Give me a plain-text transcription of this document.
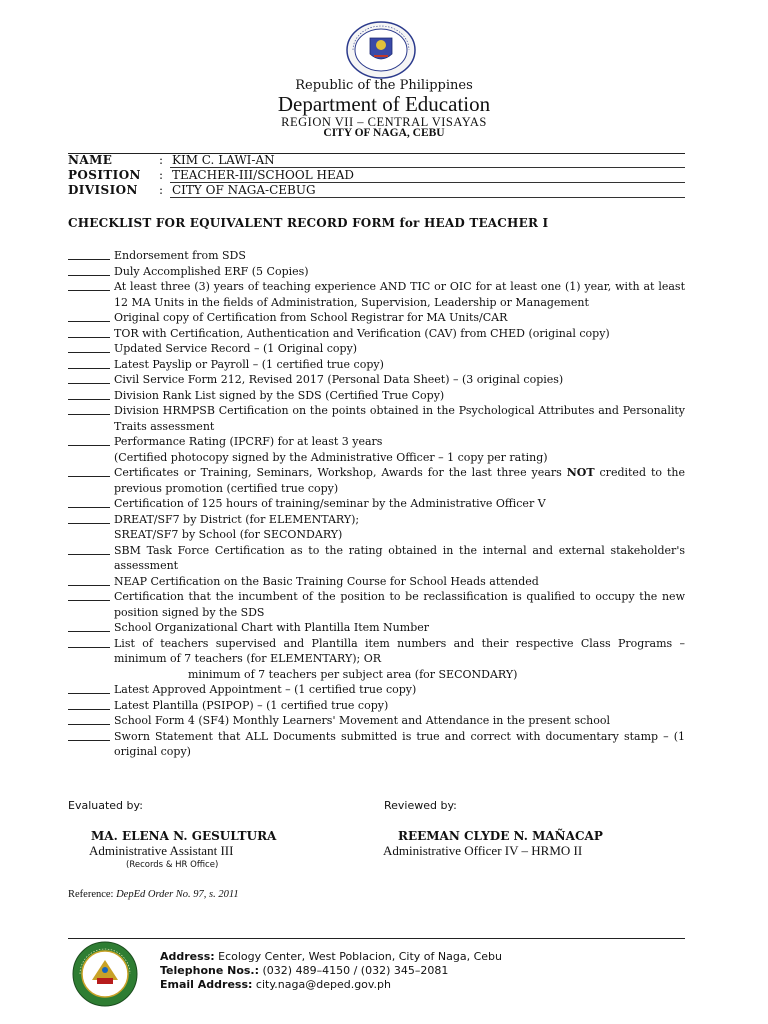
Republic of the Philippines
Department of Education
REGION VII – CENTRAL VISAYAS
CITY OF NAGA, CEBU
NAME	: KIM C. LAWI-AN
POSITION : TEACHER-III/SCHOOL HEAD
DIVISION : CITY OF NAGA-CEBUG
CHECKLIST FOR EQUIVALENT RECORD FORM for HEAD TEACHER I
Endorsement from SDS
Duly Accomplished ERF (5 Copies)
At least three (3) years of teaching experience AND TIC or OIC for at least one (1) year, with at least 12 MA Units in the fields of Administration, Supervision, Leadership or Management
Original copy of Certification from School Registrar for MA Units/CAR
TOR with Certification, Authentication and Verification (CAV) from CHED (original copy)
Updated Service Record – (1 Original copy)
Latest Payslip or Payroll – (1 certified true copy)
Civil Service Form 212, Revised 2017 (Personal Data Sheet) – (3 original copies)
Division Rank List signed by the SDS (Certified True Copy)
Division HRMPSB Certification on the points obtained in the Psychological Attributes and Personality Traits assessment
Performance Rating (IPCRF) for at least 3 years
(Certified photocopy signed by the Administrative Officer – 1 copy per rating)
Certificates or Training, Seminars, Workshop, Awards for the last three years NOT credited to the previous promotion (certified true copy)
Certification of 125 hours of training/seminar by the Administrative Officer V
DREAT/SF7 by District (for ELEMENTARY);
SREAT/SF7 by School (for SECONDARY)
SBM Task Force Certification as to the rating obtained in the internal and external stakeholder's assessment
NEAP Certification on the Basic Training Course for School Heads attended
Certification that the incumbent of the position to be reclassification is qualified to occupy the new position signed by the SDS
School Organizational Chart with Plantilla Item Number
List of teachers supervised and Plantilla item numbers and their respective Class Programs – minimum of 7 teachers (for ELEMENTARY); OR
minimum of 7 teachers per subject area (for SECONDARY)
Latest Approved Appointment – (1 certified true copy)
Latest Plantilla (PSIPOP) – (1 certified true copy)
School Form 4 (SF4) Monthly Learners' Movement and Attendance in the present school
Sworn Statement that ALL Documents submitted is true and correct with documentary stamp – (1 original copy)
Evaluated by:	Reviewed by:
MA. ELENA N. GESULTURA
Administrative Assistant III
(Records & HR Office)
REEMAN CLYDE N. MAÑACAP
Administrative Officer IV – HRMO II
Reference: DepEd Order No. 97, s. 2011
Address: Ecology Center, West Poblacion, City of Naga, Cebu
Telephone Nos.: (032) 489–4150 / (032) 345–2081
Email Address: city.naga@deped.gov.ph
